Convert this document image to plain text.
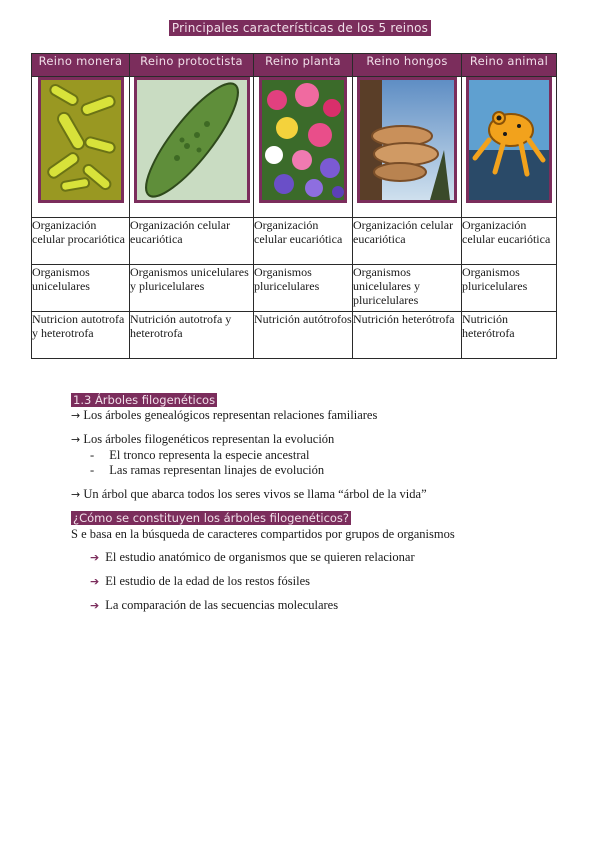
Principales características de los 5 reinos
Reino monera	Reino protoctista	Reino planta	Reino hongos	Reino animal

Organización celular procariótica	Organización celular eucariótica	Organización celular eucariótica	Organización celular eucariótica	Organización celular eucariótica
Organismos unicelulares	Organismos unicelulares y pluricelulares	Organismos pluricelulares	Organismos unicelulares y pluricelulares	Organismos pluricelulares
Nutricion autotrofa y heterotrofa	Nutrición autotrofa y heterotrofa	Nutrición autótrofos	Nutrición heterótrofa	Nutrición heterótrofa
1.3 Árboles filogenéticos
→ Los árboles genealógicos representan relaciones familiares
→ Los árboles filogenéticos representan la evolución
- El tronco representa la especie ancestral
- Las ramas representan linajes de evolución
→ Un árbol que abarca todos los seres vivos se llama “árbol de la vida”
¿Cómo se constituyen los árboles filogenéticos?
S e basa en la búsqueda de caracteres compartidos por grupos de organismos
➔ El estudio anatómico de organismos que se quieren relacionar
➔ El estudio de la edad de los restos fósiles
➔ La comparación de las secuencias moleculares
